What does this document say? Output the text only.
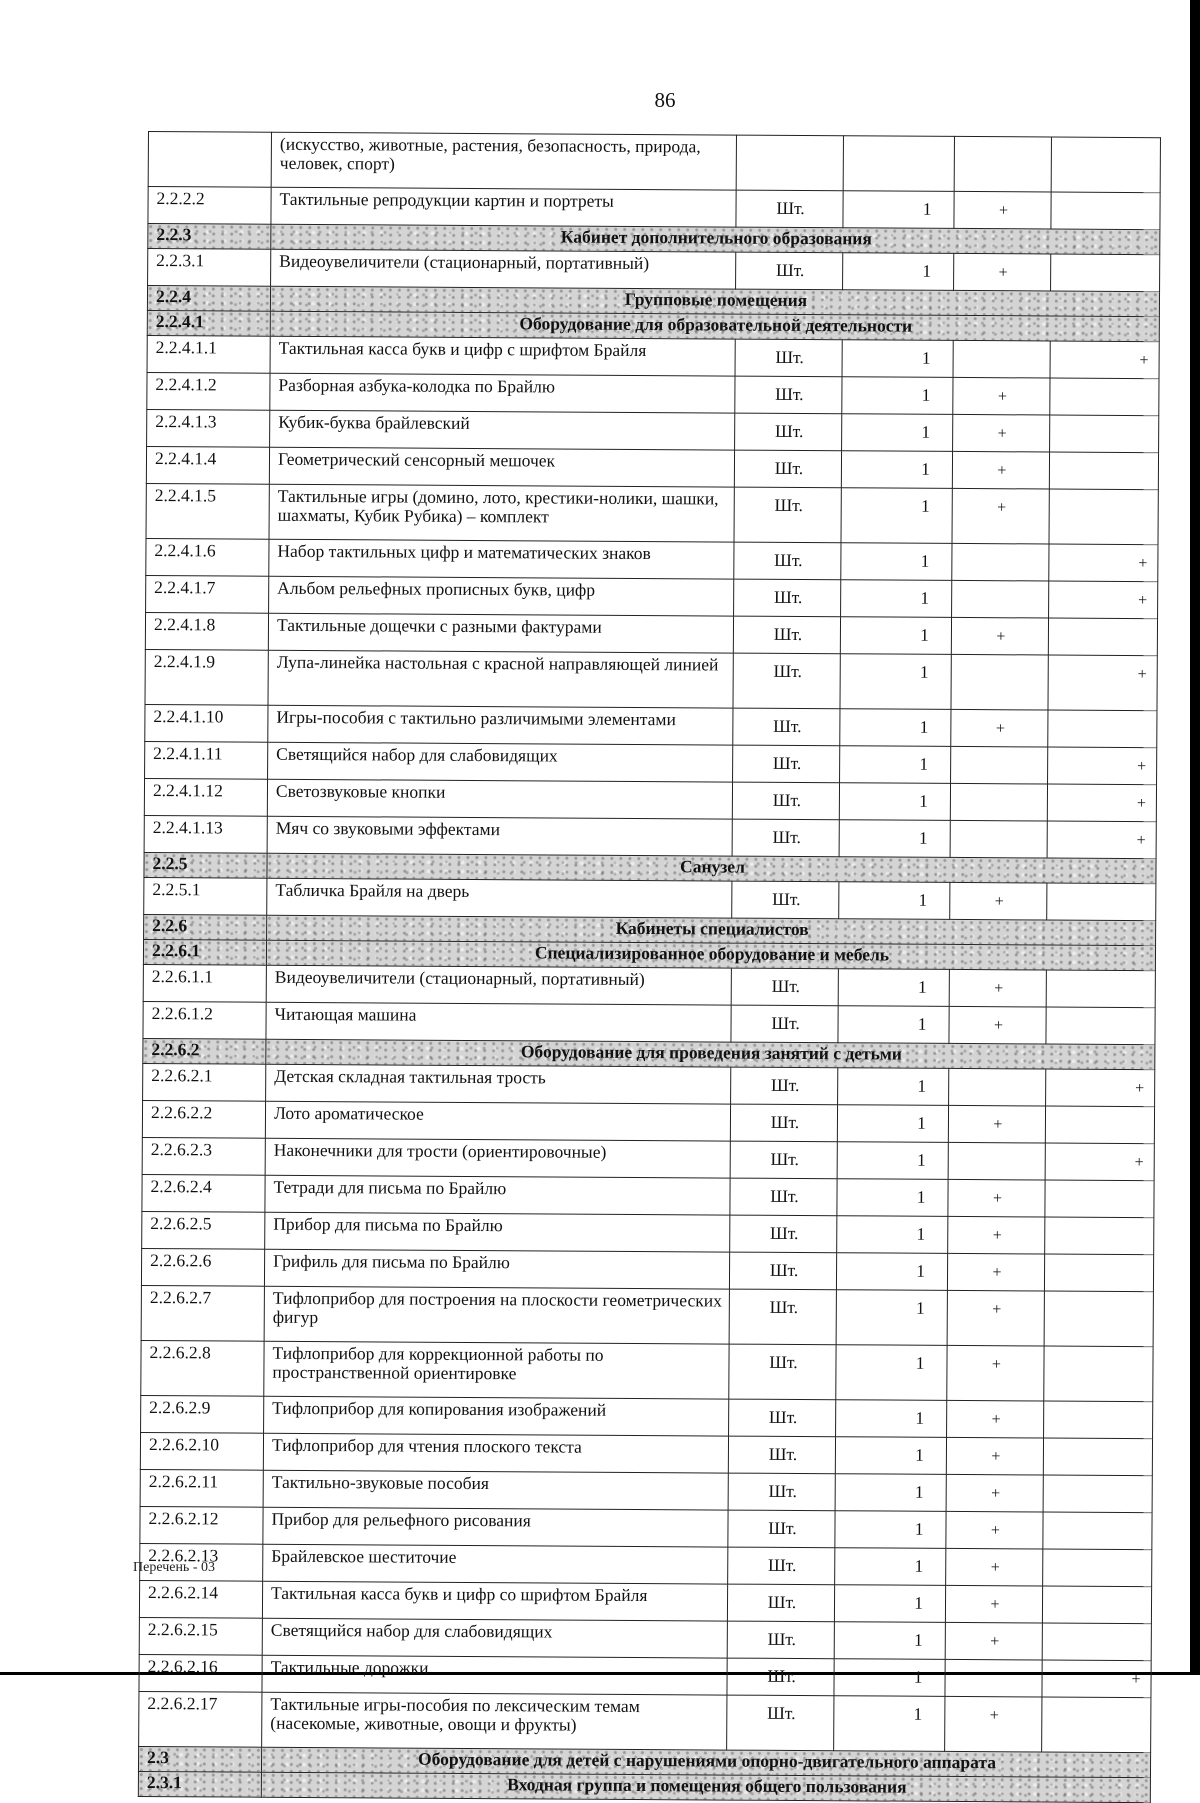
86
	(искусство, животные, растения, безопасность, природа, человек, спорт)				
2.2.2.2	Тактильные репродукции картин и портреты	Шт.	1	+	
2.2.3	Кабинет дополнительного образования				
2.2.3.1	Видеоувеличители (стационарный, портативный)	Шт.	1	+	
2.2.4	Групповые помещения				
2.2.4.1	Оборудование для образовательной деятельности				
2.2.4.1.1	Тактильная касса букв и цифр с шрифтом Брайля	Шт.	1		+
2.2.4.1.2	Разборная азбука-колодка по Брайлю	Шт.	1	+	
2.2.4.1.3	Кубик-буква брайлевский	Шт.	1	+	
2.2.4.1.4	Геометрический сенсорный мешочек	Шт.	1	+	
2.2.4.1.5	Тактильные игры (домино, лото, крестики-нолики, шашки, шахматы, Кубик Рубика) – комплект	Шт.	1	+	
2.2.4.1.6	Набор тактильных цифр и математических знаков	Шт.	1		+
2.2.4.1.7	Альбом рельефных прописных букв, цифр	Шт.	1		+
2.2.4.1.8	Тактильные дощечки с разными фактурами	Шт.	1	+	
2.2.4.1.9	Лупа-линейка настольная с красной направляющей линией	Шт.	1		+
2.2.4.1.10	Игры-пособия с тактильно различимыми элементами	Шт.	1	+	
2.2.4.1.11	Светящийся набор для слабовидящих	Шт.	1		+
2.2.4.1.12	Светозвуковые кнопки	Шт.	1		+
2.2.4.1.13	Мяч со звуковыми эффектами	Шт.	1		+
2.2.5	Санузел				
2.2.5.1	Табличка Брайля на дверь	Шт.	1	+	
2.2.6	Кабинеты специалистов				
2.2.6.1	Специализированное оборудование и мебель				
2.2.6.1.1	Видеоувеличители (стационарный, портативный)	Шт.	1	+	
2.2.6.1.2	Читающая машина	Шт.	1	+	
2.2.6.2	Оборудование для проведения занятий с детьми				
2.2.6.2.1	Детская складная тактильная трость	Шт.	1		+
2.2.6.2.2	Лото ароматическое	Шт.	1	+	
2.2.6.2.3	Наконечники для трости (ориентировочные)	Шт.	1		+
2.2.6.2.4	Тетради для письма по Брайлю	Шт.	1	+	
2.2.6.2.5	Прибор для письма по Брайлю	Шт.	1	+	
2.2.6.2.6	Грифиль для письма по Брайлю	Шт.	1	+	
2.2.6.2.7	Тифлоприбор для построения на плоскости геометрических фигур	Шт.	1	+	
2.2.6.2.8	Тифлоприбор для коррекционной работы по пространственной ориентировке	Шт.	1	+	
2.2.6.2.9	Тифлоприбор для копирования изображений	Шт.	1	+	
2.2.6.2.10	Тифлоприбор для чтения плоского текста	Шт.	1	+	
2.2.6.2.11	Тактильно-звуковые пособия	Шт.	1	+	
2.2.6.2.12	Прибор для рельефного рисования	Шт.	1	+	
2.2.6.2.13	Брайлевское шеститочие	Шт.	1	+	
2.2.6.2.14	Тактильная касса букв и цифр со шрифтом Брайля	Шт.	1	+	
2.2.6.2.15	Светящийся набор для слабовидящих	Шт.	1	+	
2.2.6.2.16	Тактильные дорожки	Шт.	1		+
2.2.6.2.17	Тактильные игры-пособия по лексическим темам (насекомые, животные, овощи и фрукты)	Шт.	1	+	
2.3	Оборудование для детей с нарушениями опорно-двигательного аппарата				
2.3.1	Входная группа и помещения общего пользования				
Перечень - 03
